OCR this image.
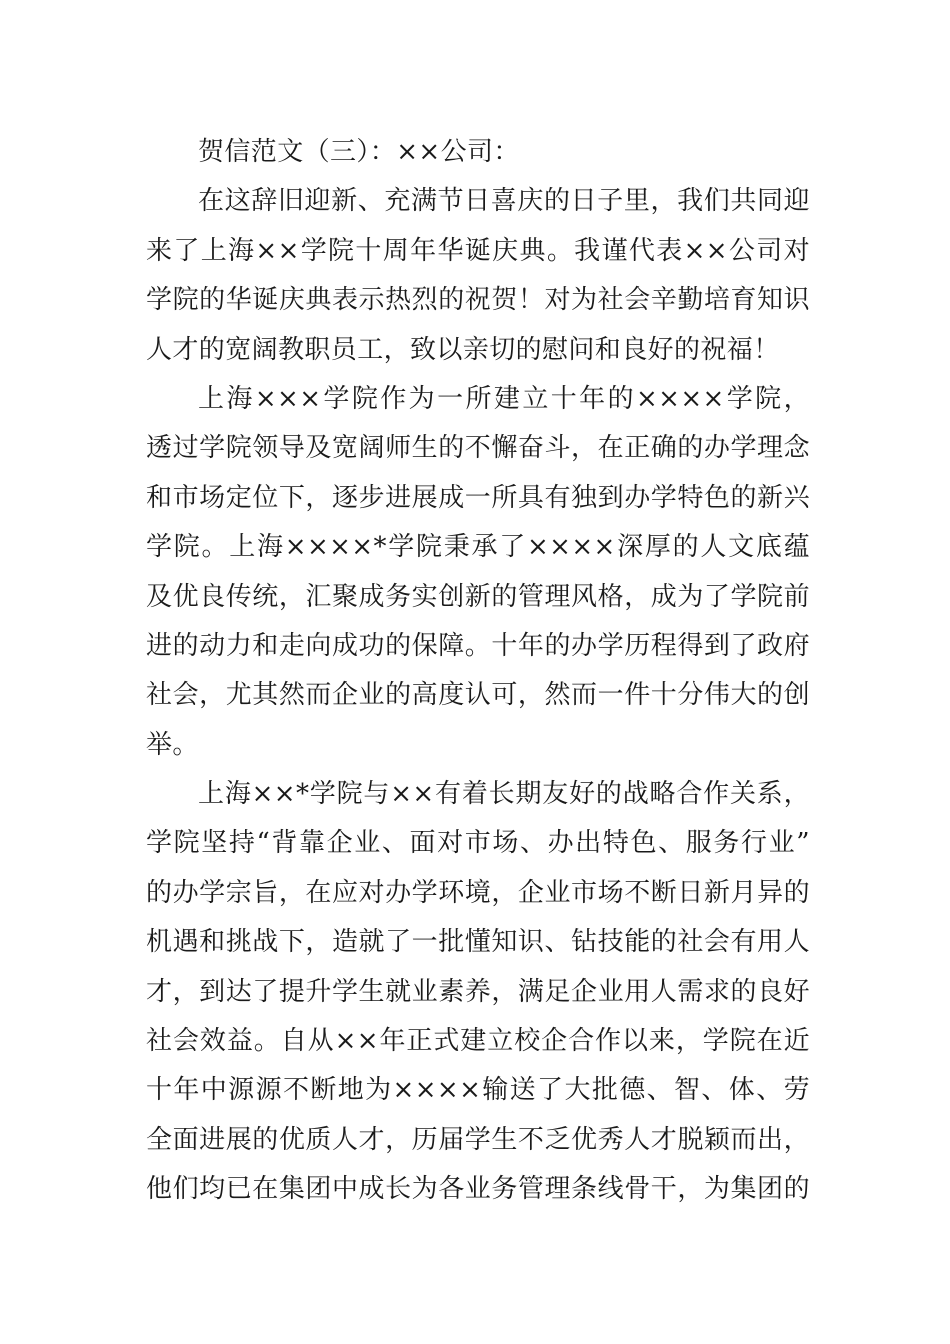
贺信范文（三）：××公司：
在这辞旧迎新、充满节日喜庆的日子里，我们共同迎
来了上海××学院十周年华诞庆典。我谨代表××公司对
学院的华诞庆典表示热烈的祝贺！对为社会辛勤培育知识
人才的宽阔教职员工，致以亲切的慰问和良好的祝福！
上海×××学院作为一所建立十年的××××学院，
透过学院领导及宽阔师生的不懈奋斗，在正确的办学理念
和市场定位下，逐步进展成一所具有独到办学特色的新兴
学院。上海××××*学院秉承了××××深厚的人文底蕴
及优良传统，汇聚成务实创新的管理风格，成为了学院前
进的动力和走向成功的保障。十年的办学历程得到了政府
社会，尤其然而企业的高度认可，然而一件十分伟大的创
举。
上海××*学院与××有着长期友好的战略合作关系，
学院坚持“背靠企业、面对市场、办出特色、服务行业”
的办学宗旨，在应对办学环境，企业市场不断日新月异的
机遇和挑战下，造就了一批懂知识、钻技能的社会有用人
才，到达了提升学生就业素养，满足企业用人需求的良好
社会效益。自从××年正式建立校企合作以来，学院在近
十年中源源不断地为××××输送了大批德、智、体、劳
全面进展的优质人才，历届学生不乏优秀人才脱颖而出，
他们均已在集团中成长为各业务管理条线骨干，为集团的
